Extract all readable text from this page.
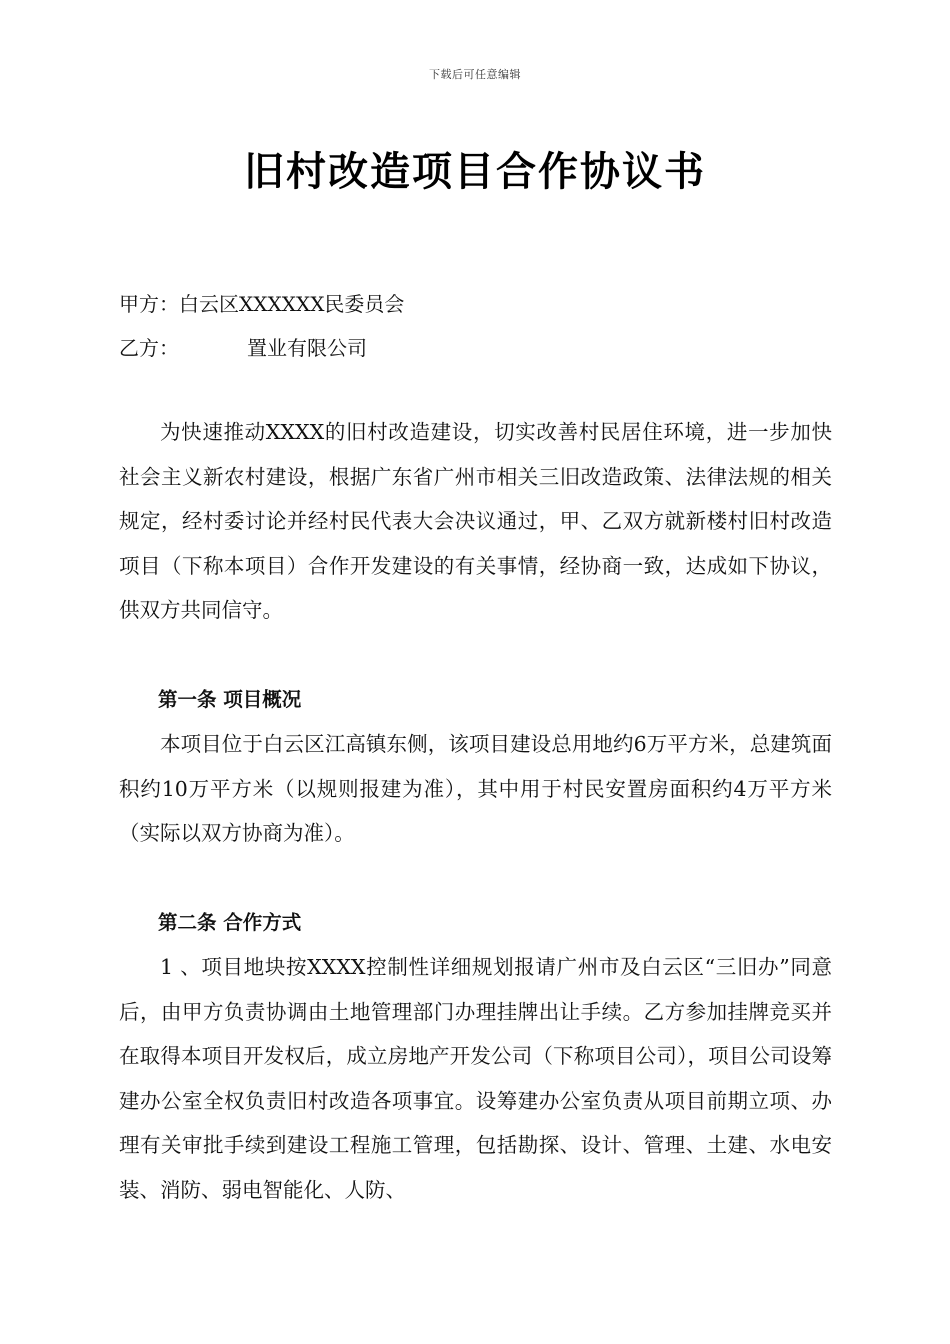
下载后可任意编辑
旧村改造项目合作协议书
甲方：白云区XXXXXX民委员会
乙方：	置业有限公司

为快速推动XXXX的旧村改造建设，切实改善村民居住环境，进一步加快社会主义新农村建设，根据广东省广州市相关三旧改造政策、法律法规的相关规定，经村委讨论并经村民代表大会决议通过，甲、乙双方就新楼村旧村改造项目（下称本项目）合作开发建设的有关事情，经协商一致，达成如下协议，供双方共同信守。

第一条 项目概况

本项目位于白云区江高镇东侧，该项目建设总用地约6万平方米，总建筑面积约10万平方米（以规则报建为准），其中用于村民安置房面积约4万平方米（实际以双方协商为准）。

第二条 合作方式

1 、项目地块按XXXX控制性详细规划报请广州市及白云区“三旧办”同意后，由甲方负责协调由土地管理部门办理挂牌出让手续。乙方参加挂牌竞买并在取得本项目开发权后，成立房地产开发公司（下称项目公司），项目公司设筹建办公室全权负责旧村改造各项事宜。设筹建办公室负责从项目前期立项、办理有关审批手续到建设工程施工管理，包括勘探、设计、管理、土建、水电安装、消防、弱电智能化、人防、
